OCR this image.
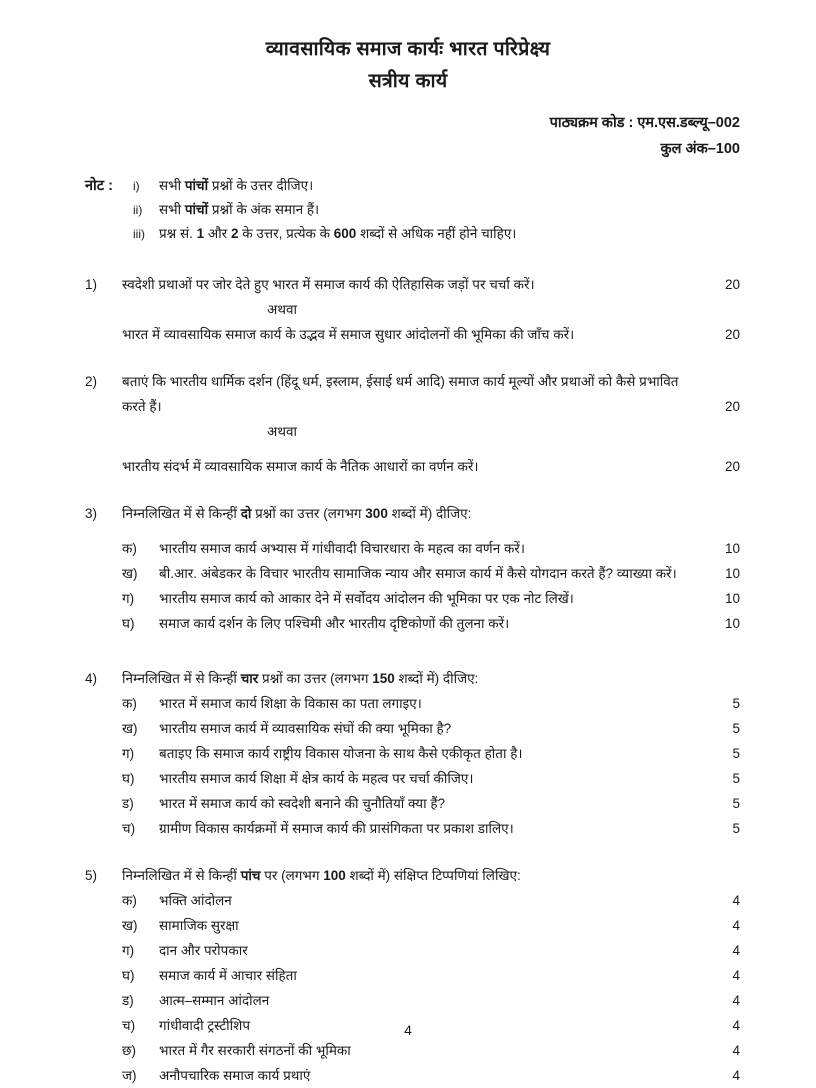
व्यावसायिक समाज कार्यः भारत परिप्रेक्ष्य
सत्रीय कार्य
पाठ्यक्रम कोड : एम.एस.डब्ल्यू–002
कुल अंक–100
नोट : i)	सभी पांचों प्रश्नों के उत्तर दीजिए।
ii)	सभी पांचों प्रश्नों के अंक समान हैं।
iii)	प्रश्न सं. 1 और 2 के उत्तर, प्रत्येक के 600 शब्दों से अधिक नहीं होने चाहिए।
1)	स्वदेशी प्रथाओं पर जोर देते हुए भारत में समाज कार्य की ऐतिहासिक जड़ों पर चर्चा करें।	20
अथवा
भारत में व्यावसायिक समाज कार्य के उद्भव में समाज सुधार आंदोलनों की भूमिका की जाँच करें।	20
2)	बताएं कि भारतीय धार्मिक दर्शन (हिंदू धर्म, इस्लाम, ईसाई धर्म आदि) समाज कार्य मूल्यों और प्रथाओं को कैसे प्रभावित करते हैं।	20
अथवा
भारतीय संदर्भ में व्यावसायिक समाज कार्य के नैतिक आधारों का वर्णन करें।	20
3)	निम्नलिखित में से किन्हीं दो प्रश्नों का उत्तर (लगभग 300 शब्दों में) दीजिए:
क)	भारतीय समाज कार्य अभ्यास में गांधीवादी विचारधारा के महत्व का वर्णन करें।	10
ख)	बी.आर. अंबेडकर के विचार भारतीय सामाजिक न्याय और समाज कार्य में कैसे योगदान करते हैं? व्याख्या करें।	10
ग)	भारतीय समाज कार्य को आकार देने में सर्वोदय आंदोलन की भूमिका पर एक नोट लिखें।	10
घ)	समाज कार्य दर्शन के लिए पश्चिमी और भारतीय दृष्टिकोणों की तुलना करें।	10
4)	निम्नलिखित में से किन्हीं चार प्रश्नों का उत्तर (लगभग 150 शब्दों में) दीजिए:
क)	भारत में समाज कार्य शिक्षा के विकास का पता लगाइए।	5
ख)	भारतीय समाज कार्य में व्यावसायिक संघों की क्या भूमिका है?	5
ग)	बताइए कि समाज कार्य राष्ट्रीय विकास योजना के साथ कैसे एकीकृत होता है।	5
घ)	भारतीय समाज कार्य शिक्षा में क्षेत्र कार्य के महत्व पर चर्चा कीजिए।	5
ड)	भारत में समाज कार्य को स्वदेशी बनाने की चुनौतियाँ क्या हैं?	5
च)	ग्रामीण विकास कार्यक्रमों में समाज कार्य की प्रासंगिकता पर प्रकाश डालिए।	5
5)	निम्नलिखित में से किन्हीं पांच पर (लगभग 100 शब्दों में) संक्षिप्त टिप्पणियां लिखिए:
क)	भक्ति आंदोलन	4
ख)	सामाजिक सुरक्षा	4
ग)	दान और परोपकार	4
घ)	समाज कार्य में आचार संहिता	4
ड)	आत्म–सम्मान आंदोलन	4
च)	गांधीवादी ट्रस्टीशिप	4
छ)	भारत में गैर सरकारी संगठनों की भूमिका	4
ज)	अनौपचारिक समाज कार्य प्रथाएं	4
4
